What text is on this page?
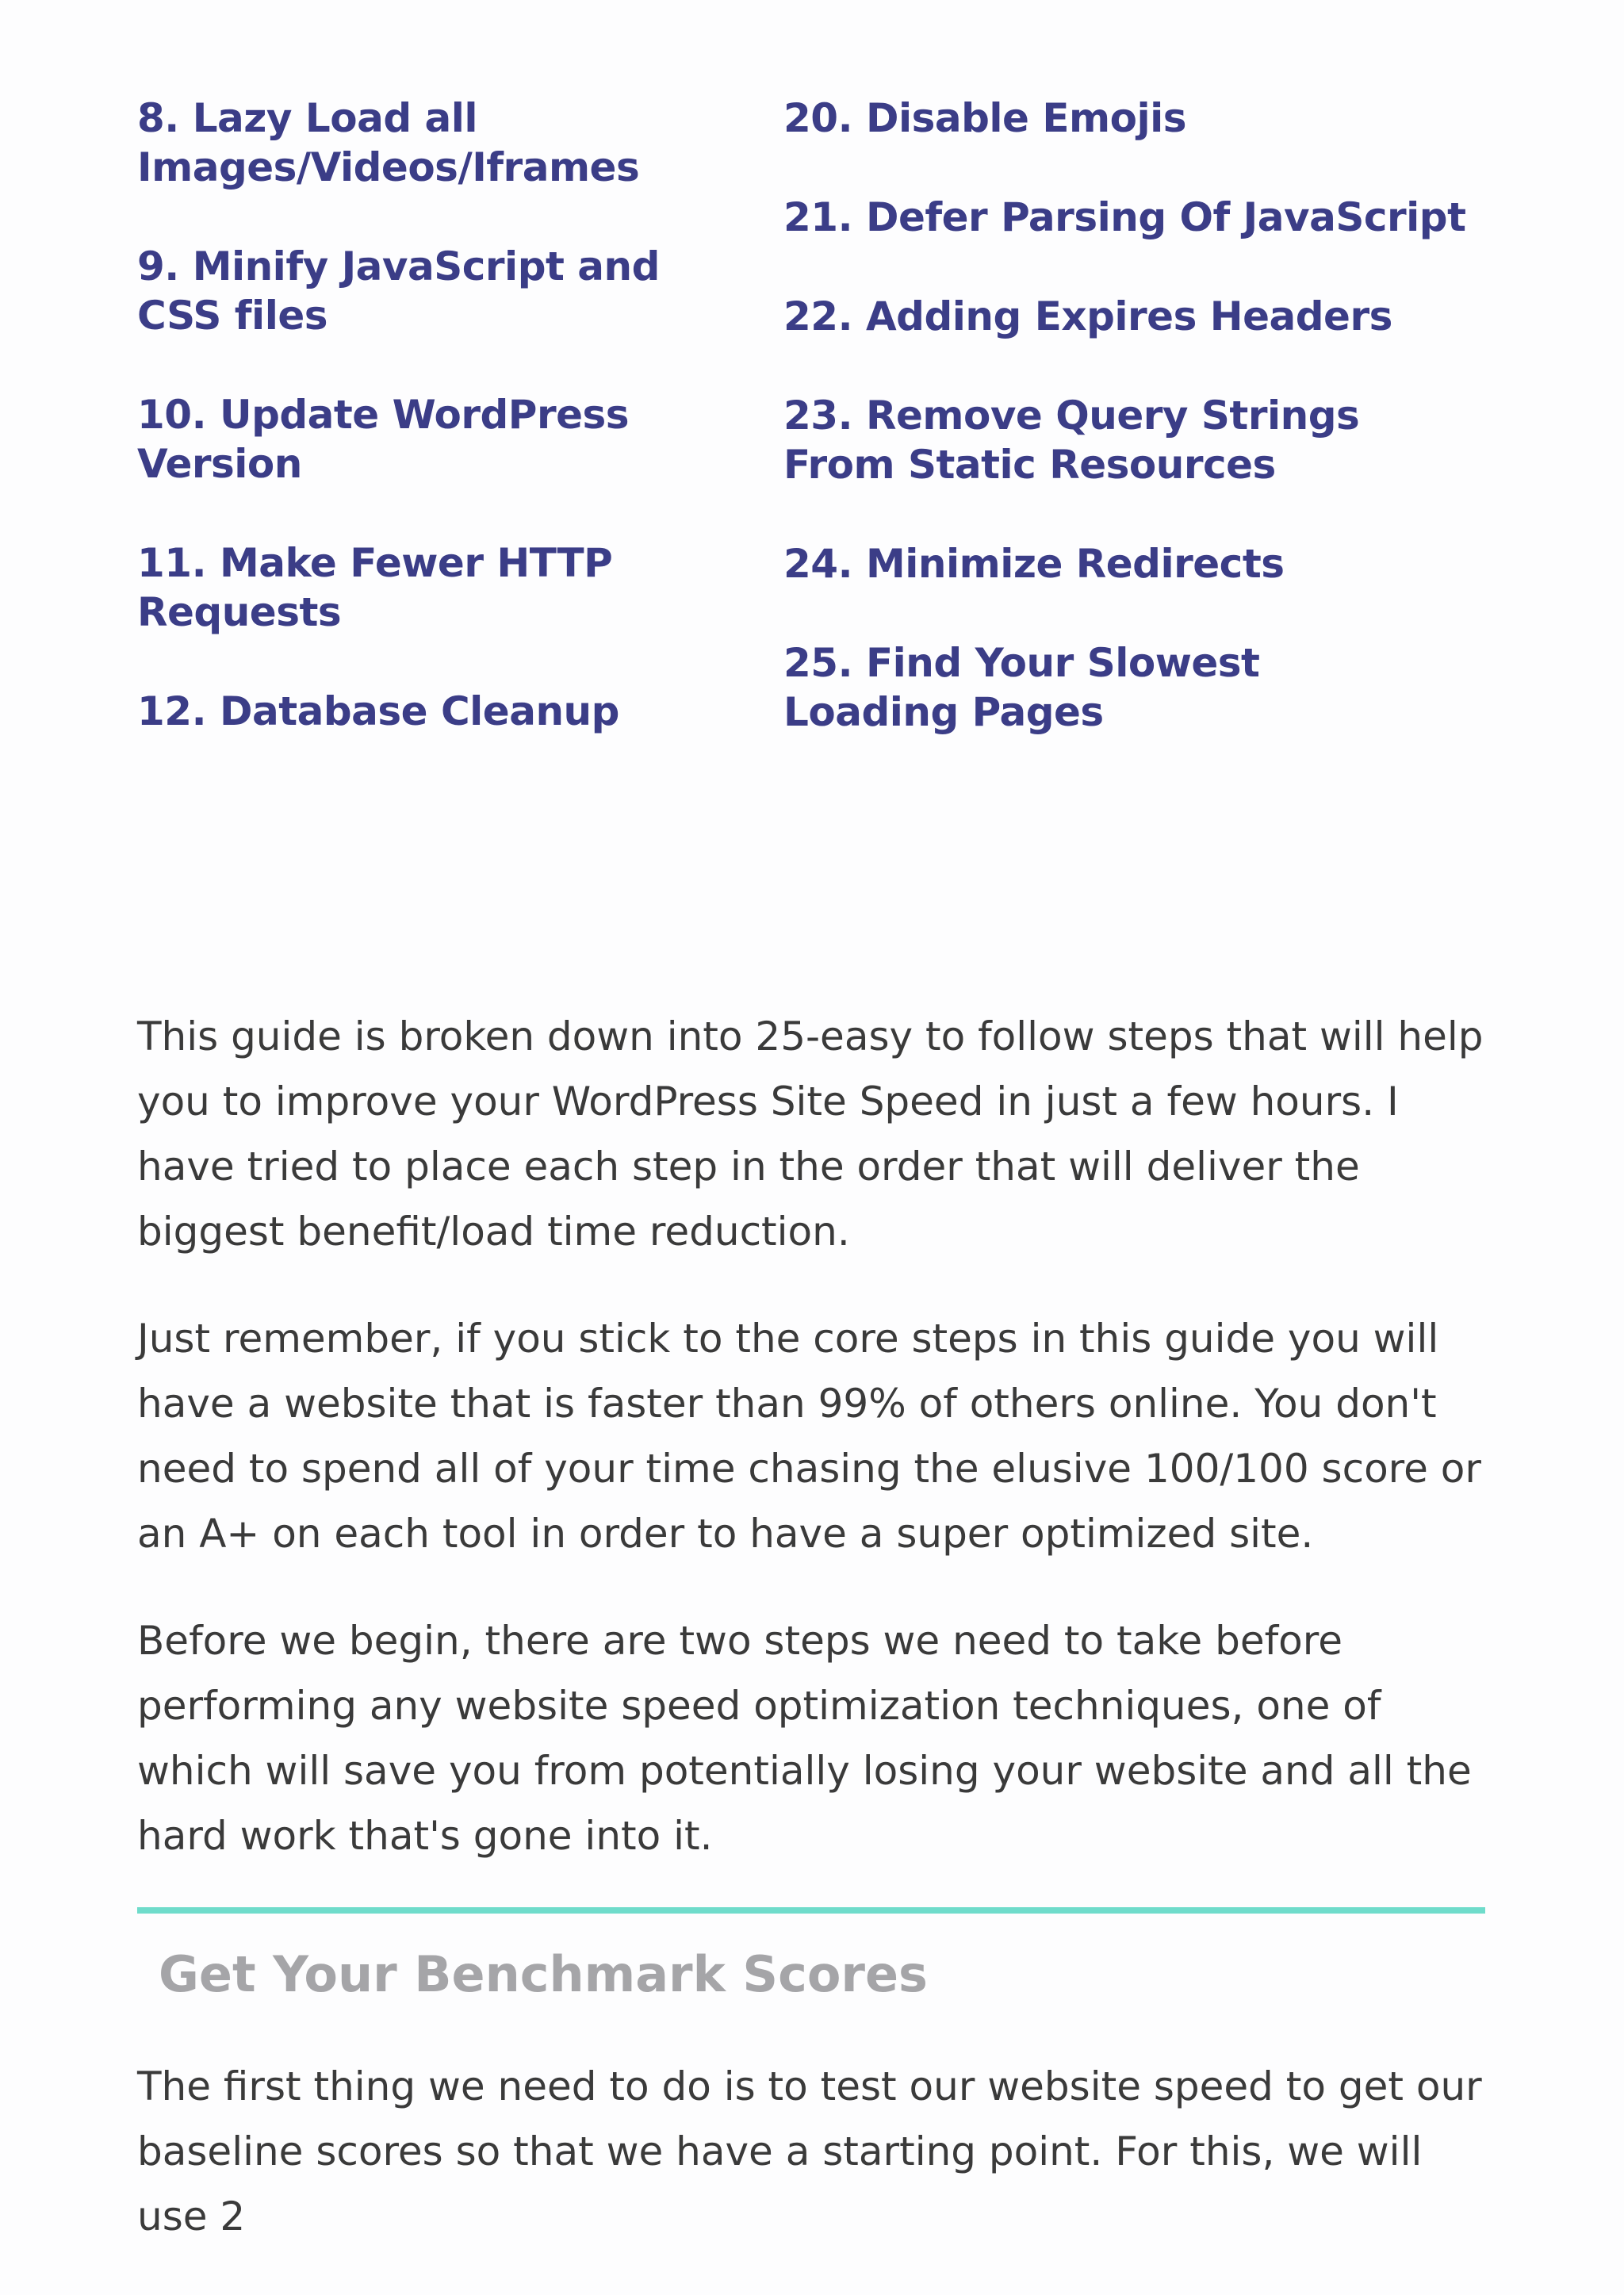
8. Lazy Load all Images/Videos/Iframes
9. Minify JavaScript and CSS files
10. Update WordPress Version
11. Make Fewer HTTP Requests
12. Database Cleanup
20. Disable Emojis
21. Defer Parsing Of JavaScript
22. Adding Expires Headers
23. Remove Query Strings From Static Resources
24. Minimize Redirects
25. Find Your Slowest Loading Pages

This guide is broken down into 25-easy to follow steps that will help you to improve your WordPress Site Speed in just a few hours. I have tried to place each step in the order that will deliver the biggest benefit/load time reduction.

Just remember, if you stick to the core steps in this guide you will have a website that is faster than 99% of others online. You don't need to spend all of your time chasing the elusive 100/100 score or an A+ on each tool in order to have a super optimized site.

Before we begin, there are two steps we need to take before performing any website speed optimization techniques, one of which will save you from potentially losing your website and all the hard work that's gone into it.

Get Your Benchmark Scores

The first thing we need to do is to test our website speed to get our baseline scores so that we have a starting point. For this, we will use 2
